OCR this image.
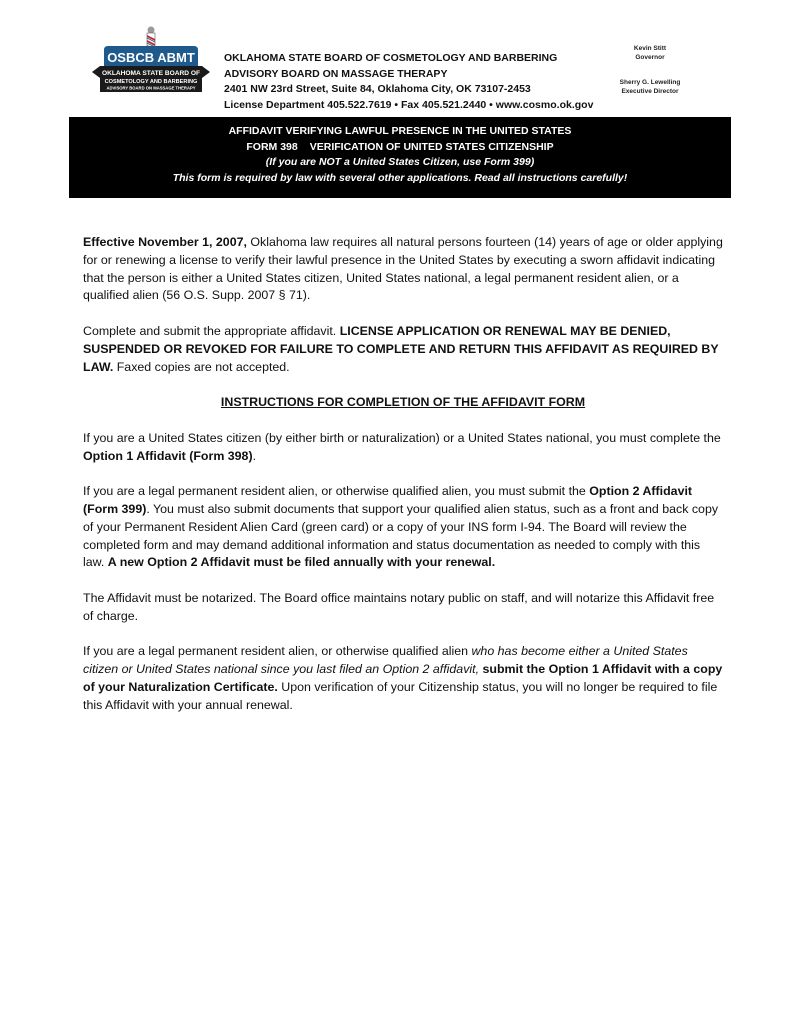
OSBCB ABMT
OKLAHOMA STATE BOARD OF
COSMETOLOGY AND BARBERING
ADVISORY BOARD ON MASSAGE THERAPY
OKLAHOMA STATE BOARD OF COSMETOLOGY AND BARBERING
ADVISORY BOARD ON MASSAGE THERAPY
2401 NW 23rd Street, Suite 84, Oklahoma City, OK 73107-2453
License Department 405.522.7619 • Fax 405.521.2440 • www.cosmo.ok.gov
Kevin Stitt
Governor
Sherry G. Lewelling
Executive Director
AFFIDAVIT VERIFYING LAWFUL PRESENCE IN THE UNITED STATES
FORM 398 VERIFICATION OF UNITED STATES CITIZENSHIP
(If you are NOT a United States Citizen, use Form 399)
This form is required by law with several other applications. Read all instructions carefully!

Effective November 1, 2007, Oklahoma law requires all natural persons fourteen (14) years of age or older applying for or renewing a license to verify their lawful presence in the United States by executing a sworn affidavit indicating that the person is either a United States citizen, United States national, a legal permanent resident alien, or a qualified alien (56 O.S. Supp. 2007 § 71).

Complete and submit the appropriate affidavit. LICENSE APPLICATION OR RENEWAL MAY BE DENIED, SUSPENDED OR REVOKED FOR FAILURE TO COMPLETE AND RETURN THIS AFFIDAVIT AS REQUIRED BY LAW. Faxed copies are not accepted.

INSTRUCTIONS FOR COMPLETION OF THE AFFIDAVIT FORM

If you are a United States citizen (by either birth or naturalization) or a United States national, you must complete the Option 1 Affidavit (Form 398).

If you are a legal permanent resident alien, or otherwise qualified alien, you must submit the Option 2 Affidavit (Form 399). You must also submit documents that support your qualified alien status, such as a front and back copy of your Permanent Resident Alien Card (green card) or a copy of your INS form I-94. The Board will review the completed form and may demand additional information and status documentation as needed to comply with this law. A new Option 2 Affidavit must be filed annually with your renewal.

The Affidavit must be notarized. The Board office maintains notary public on staff, and will notarize this Affidavit free of charge.

If you are a legal permanent resident alien, or otherwise qualified alien who has become either a United States citizen or United States national since you last filed an Option 2 affidavit, submit the Option 1 Affidavit with a copy of your Naturalization Certificate. Upon verification of your Citizenship status, you will no longer be required to file this Affidavit with your annual renewal.
